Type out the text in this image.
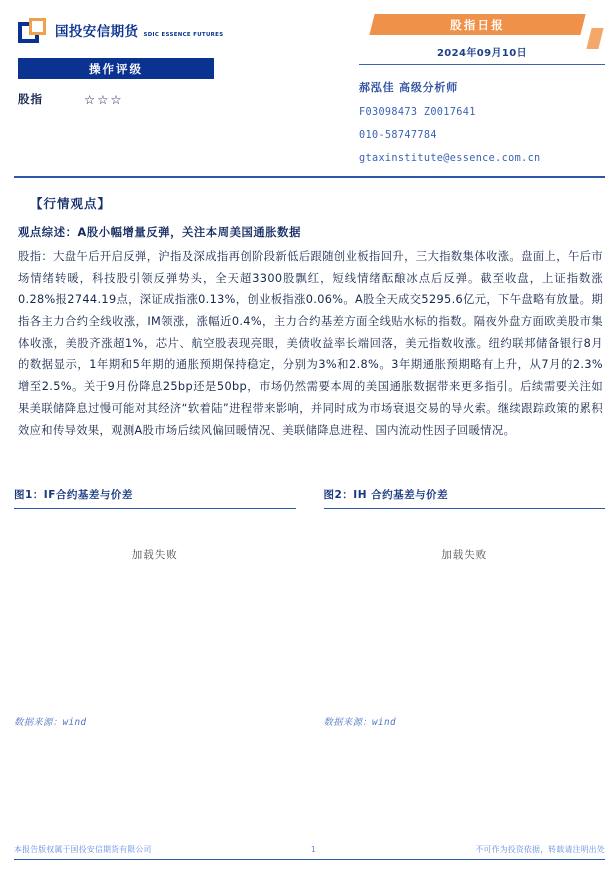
国投安信期货 SDIC ESSENCE FUTURES
操作评级
股指	☆☆☆
股指日报
2024年09月10日
郝泓佳 高级分析师
F03098473 Z0017641
010-58747784
gtaxinstitute@essence.com.cn
【行情观点】
观点综述：A股小幅增量反弹，关注本周美国通胀数据
股指：大盘午后开启反弹，沪指及深成指再创阶段新低后跟随创业板指回升，三大指数集体收涨。盘面上，午后市场情绪转暖，科技股引领反弹势头，全天超3300股飘红，短线情绪酝酿冰点后反弹。截至收盘，上证指数涨0.28%报2744.19点，深证成指涨0.13%，创业板指涨0.06%。A股全天成交5295.6亿元，下午盘略有放量。期指各主力合约全线收涨，IM领涨，涨幅近0.4%，主力合约基差方面全线贴水标的指数。隔夜外盘方面欧美股市集体收涨，美股齐涨超1%，芯片、航空股表现亮眼，美债收益率长端回落，美元指数收涨。纽约联邦储备银行8月的数据显示，1年期和5年期的通胀预期保持稳定，分别为3%和2.8%。3年期通胀预期略有上升，从7月的2.3%增至2.5%。关于9月份降息25bp还是50bp，市场仍然需要本周的美国通胀数据带来更多指引。后续需要关注如果美联储降息过慢可能对其经济“软着陆”进程带来影响，并同时成为市场衰退交易的导火索。继续跟踪政策的累积效应和传导效果，观测A股市场后续风偏回暖情况、美联储降息进程、国内流动性因子回暖情况。
图1：IF合约基差与价差
加载失败
数据来源：wind
图2：IH 合约基差与价差
加载失败
数据来源：wind
本报告版权属于国投安信期货有限公司	1	不可作为投资依据，转载请注明出处
